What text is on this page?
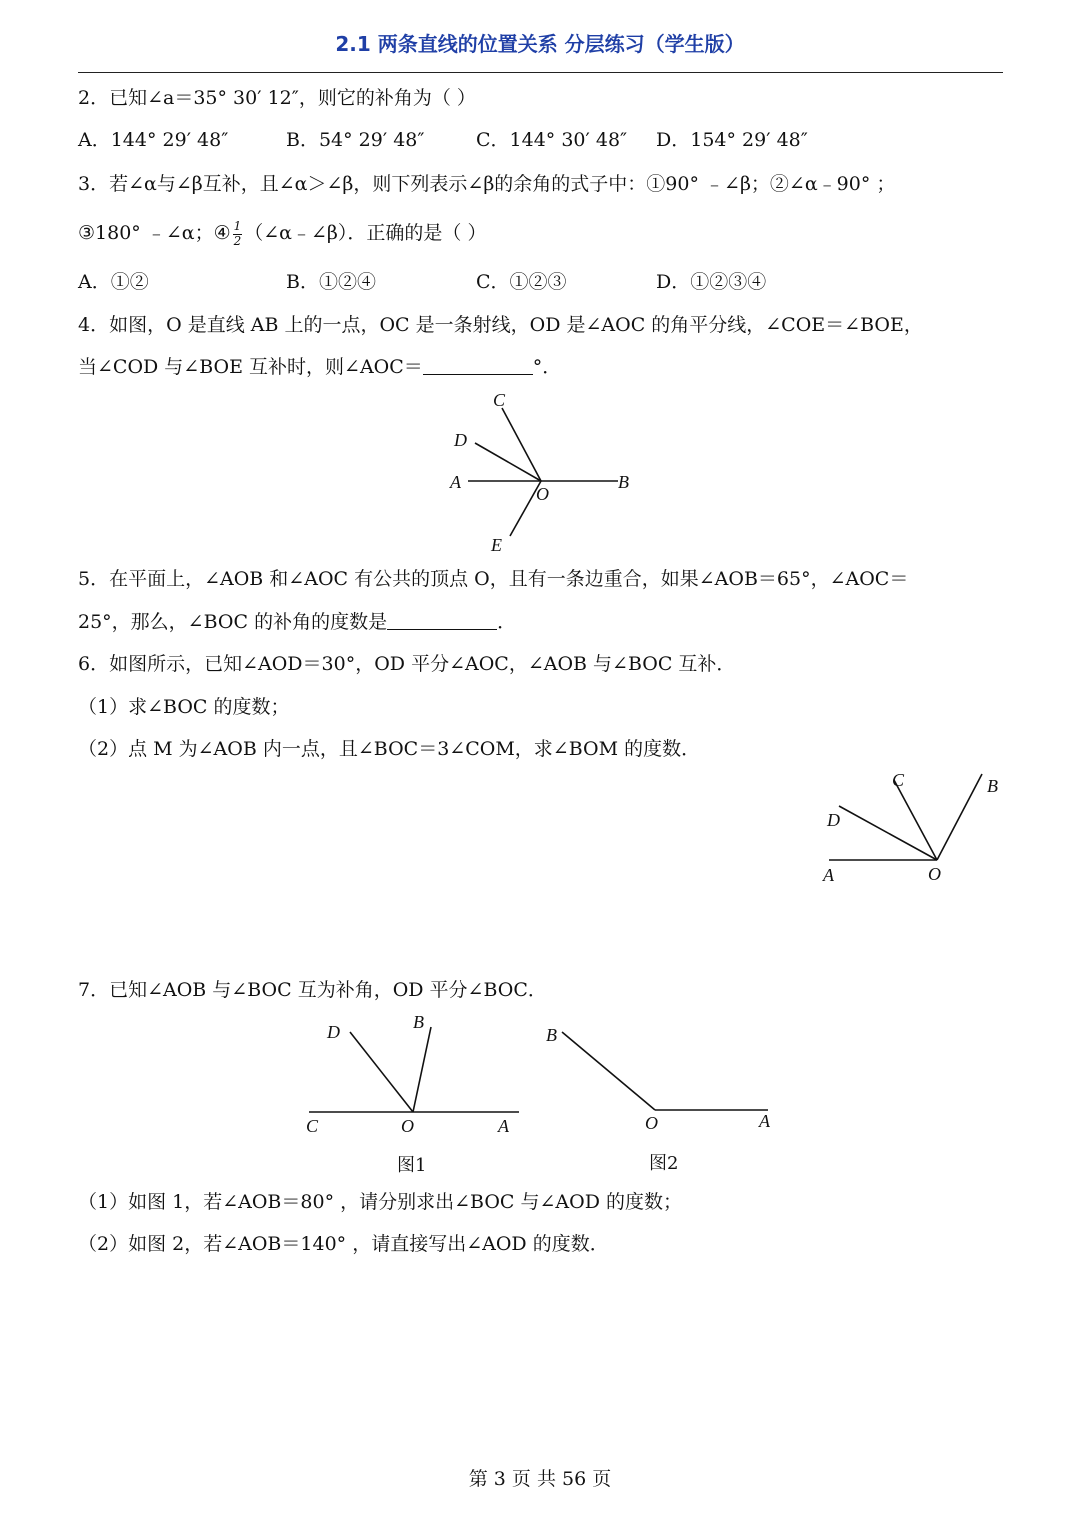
2.1 两条直线的位置关系 分层练习（学生版）
2．已知∠a＝35° 30′ 12″，则它的补角为（ ）
A．144° 29′ 48″	B．54° 29′ 48″	C．144° 30′ 48″ D．154° 29′ 48″
3．若∠α与∠β互补，且∠α＞∠β，则下列表示∠β的余角的式子中：①90° ﹣∠β；②∠α﹣90° ；
③180° ﹣∠α；④ $\frac{1}{2}$ （∠α﹣∠β）．正确的是（ ）
A．①②	B．①②④	C．①②③	D．①②③④
4．如图，O 是直线 AB 上的一点，OC 是一条射线，OD 是∠AOC 的角平分线，∠COE＝∠BOE，
当∠COD 与∠BOE 互补时，则∠AOC＝	°．
C
D
A
O
B
E
5．在平面上，∠AOB 和∠AOC 有公共的顶点 O，且有一条边重合，如果∠AOB＝65°，∠AOC＝
25°，那么，∠BOC 的补角的度数是	．
6．如图所示，已知∠AOD＝30°，OD 平分∠AOC，∠AOB 与∠BOC 互补．
（1）求∠BOC 的度数；
（2）点 M 为∠AOB 内一点，且∠BOC＝3∠COM，求∠BOM 的度数．
C	B
D
A	O
7．已知∠AOB 与∠BOC 互为补角，OD 平分∠BOC．
D	B
C	O	A
图1
B
O	A
图2
（1）如图 1，若∠AOB＝80° ，请分别求出∠BOC 与∠AOD 的度数；
（2）如图 2，若∠AOB＝140° ，请直接写出∠AOD 的度数．
第 3 页 共 56 页
